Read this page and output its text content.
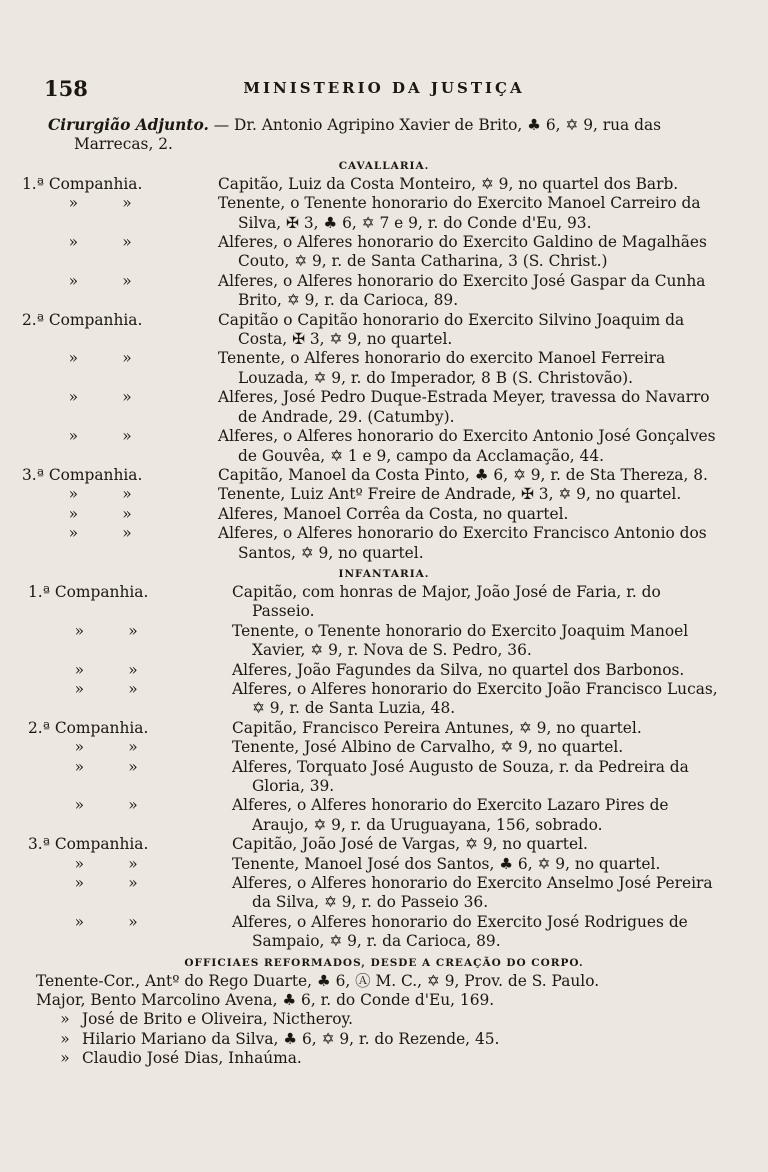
158	MINISTERIO DA JUSTIÇA
Cirurgião Adjunto. — Dr. Antonio Agripino Xavier de Brito, ♣ 6, ✡ 9, rua das Marrecas, 2.
CAVALLARIA.
1.ª Companhia.	Capitão, Luiz da Costa Monteiro, ✡ 9, no quartel dos Barb.
»	»	Tenente, o Tenente honorario do Exercito Manoel Carreiro da Silva, ✠ 3, ♣ 6, ✡ 7 e 9, r. do Conde d'Eu, 93.
»	»	Alferes, o Alferes honorario do Exercito Galdino de Magalhães Couto, ✡ 9, r. de Santa Catharina, 3 (S. Christ.)
»	»	Alferes, o Alferes honorario do Exercito José Gaspar da Cunha Brito, ✡ 9, r. da Carioca, 89.
2.ª Companhia.	Capitão o Capitão honorario do Exercito Silvino Joaquim da Costa, ✠ 3, ✡ 9, no quartel.
»	»	Tenente, o Alferes honorario do exercito Manoel Ferreira Louzada, ✡ 9, r. do Imperador, 8 B (S. Christovão).
»	»	Alferes, José Pedro Duque-Estrada Meyer, travessa do Navarro de Andrade, 29. (Catumby).
»	»	Alferes, o Alferes honorario do Exercito Antonio José Gonçalves de Gouvêa, ✡ 1 e 9, campo da Acclamação, 44.
3.ª Companhia.	Capitão, Manoel da Costa Pinto, ♣ 6, ✡ 9, r. de Sta Thereza, 8.
»	»	Tenente, Luiz Antº Freire de Andrade, ✠ 3, ✡ 9, no quartel.
»	»	Alferes, Manoel Corrêa da Costa, no quartel.
»	»	Alferes, o Alferes honorario do Exercito Francisco Antonio dos Santos, ✡ 9, no quartel.
INFANTARIA.
1.ª Companhia.	Capitão, com honras de Major, João José de Faria, r. do Passeio.
»	»	Tenente, o Tenente honorario do Exercito Joaquim Manoel Xavier, ✡ 9, r. Nova de S. Pedro, 36.
»	»	Alferes, João Fagundes da Silva, no quartel dos Barbonos.
»	»	Alferes, o Alferes honorario do Exercito João Francisco Lucas, ✡ 9, r. de Santa Luzia, 48.
2.ª Companhia.	Capitão, Francisco Pereira Antunes, ✡ 9, no quartel.
»	»	Tenente, José Albino de Carvalho, ✡ 9, no quartel.
»	»	Alferes, Torquato José Augusto de Souza, r. da Pedreira da Gloria, 39.
»	»	Alferes, o Alferes honorario do Exercito Lazaro Pires de Araujo, ✡ 9, r. da Uruguayana, 156, sobrado.
3.ª Companhia.	Capitão, João José de Vargas, ✡ 9, no quartel.
»	»	Tenente, Manoel José dos Santos, ♣ 6, ✡ 9, no quartel.
»	»	Alferes, o Alferes honorario do Exercito Anselmo José Pereira da Silva, ✡ 9, r. do Passeio 36.
»	»	Alferes, o Alferes honorario do Exercito José Rodrigues de Sampaio, ✡ 9, r. da Carioca, 89.
OFFICIAES REFORMADOS, DESDE A CREAÇÃO DO CORPO.
Tenente-Cor., Antº do Rego Duarte, ♣ 6, Ⓐ M. C., ✡ 9, Prov. de S. Paulo.
Major, Bento Marcolino Avena, ♣ 6, r. do Conde d'Eu, 169.
» José de Brito e Oliveira, Nictheroy.
» Hilario Mariano da Silva, ♣ 6, ✡ 9, r. do Rezende, 45.
» Claudio José Dias, Inhaúma.
